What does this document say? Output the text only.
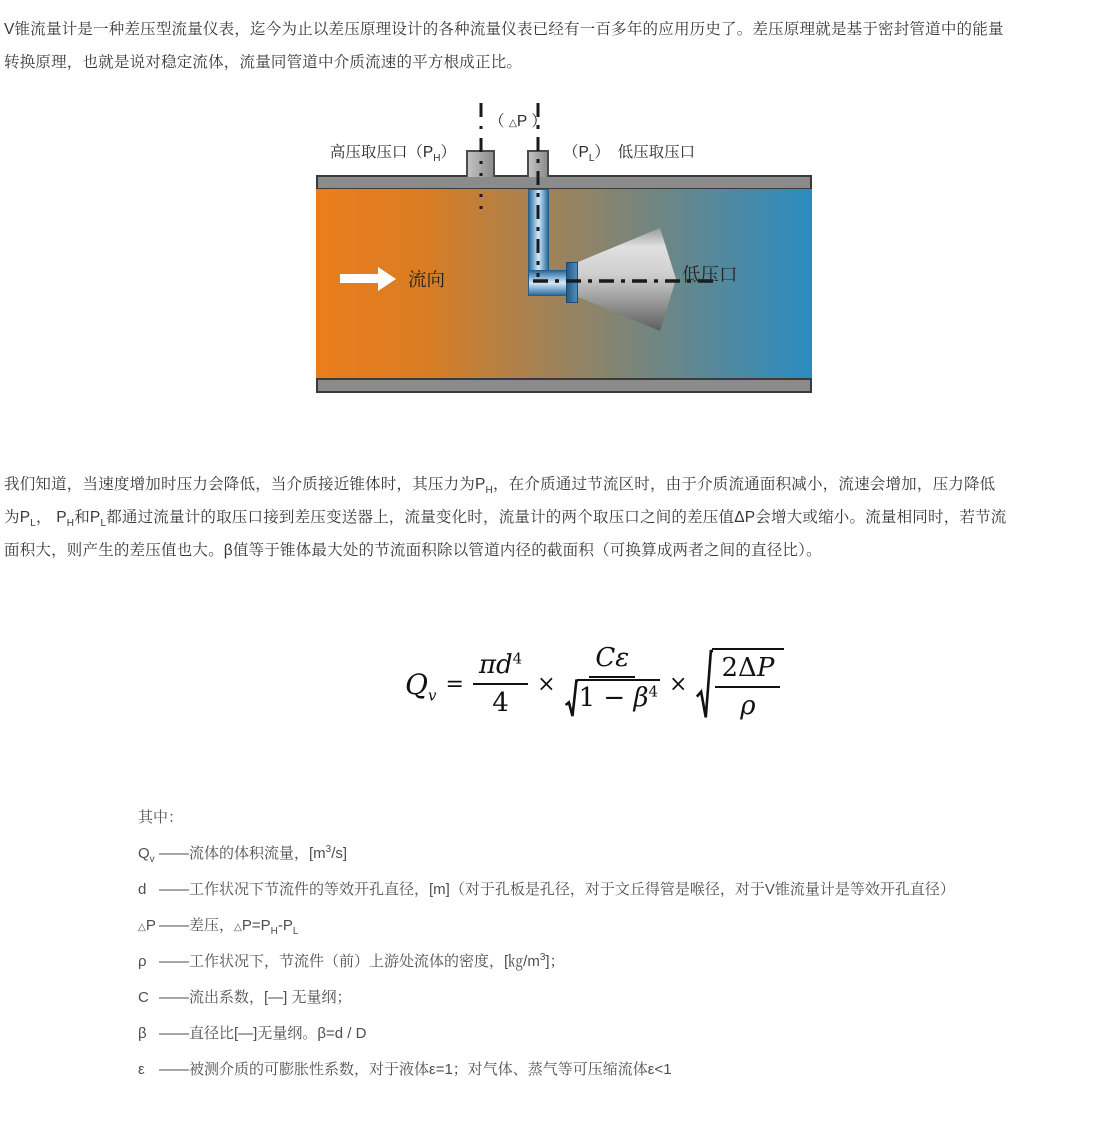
V锥流量计是一种差压型流量仪表，迄今为止以差压原理设计的各种流量仪表已经有一百多年的应用历史了。差压原理就是基于密封管道中的能量
转换原理，也就是说对稳定流体，流量同管道中介质流速的平方根成正比。
（ △P ）
高压取压口$(P_H)$	$(P_L)$　低压取压口
流向	低压口
我们知道，当速度增加时压力会降低，当介质接近锥体时，其压力为$P_H$，在介质通过节流区时，由于介质流通面积减小，流速会增加，压力降低
为$P_L$， $P_H$和$P_L$都通过流量计的取压口接到差压变送器上，流量变化时，流量计的两个取压口之间的差压值ΔP会增大或缩小。流量相同时，若节流
面积大，则产生的差压值也大。β值等于锥体最大处的节流面积除以管道内径的截面积（可换算成两者之间的直径比）。
$Q_v = \frac{\pi d^4}{4} \times \frac{C\varepsilon}{1 - \beta^4} \times \frac{2\Delta P}{\rho}$
其中：
$Q_v$ ——流体的体积流量，$[m^3/s]$
d ——工作状况下节流件的等效开孔直径，[m]（对于孔板是孔径，对于文丘得管是喉径，对于V锥流量计是等效开孔直径）
△P ——差压，$\triangle P=P_H-P_L$
ρ ——工作状况下，节流件（前）上游处流体的密度，$[㎏/m^3]$；
C ——流出系数，[—] 无量纲；
β ——直径比[—]无量纲。β=d / D
ε ——被测介质的可膨胀性系数，对于液体ε=1；对气体、蒸气等可压缩流体ε<1
